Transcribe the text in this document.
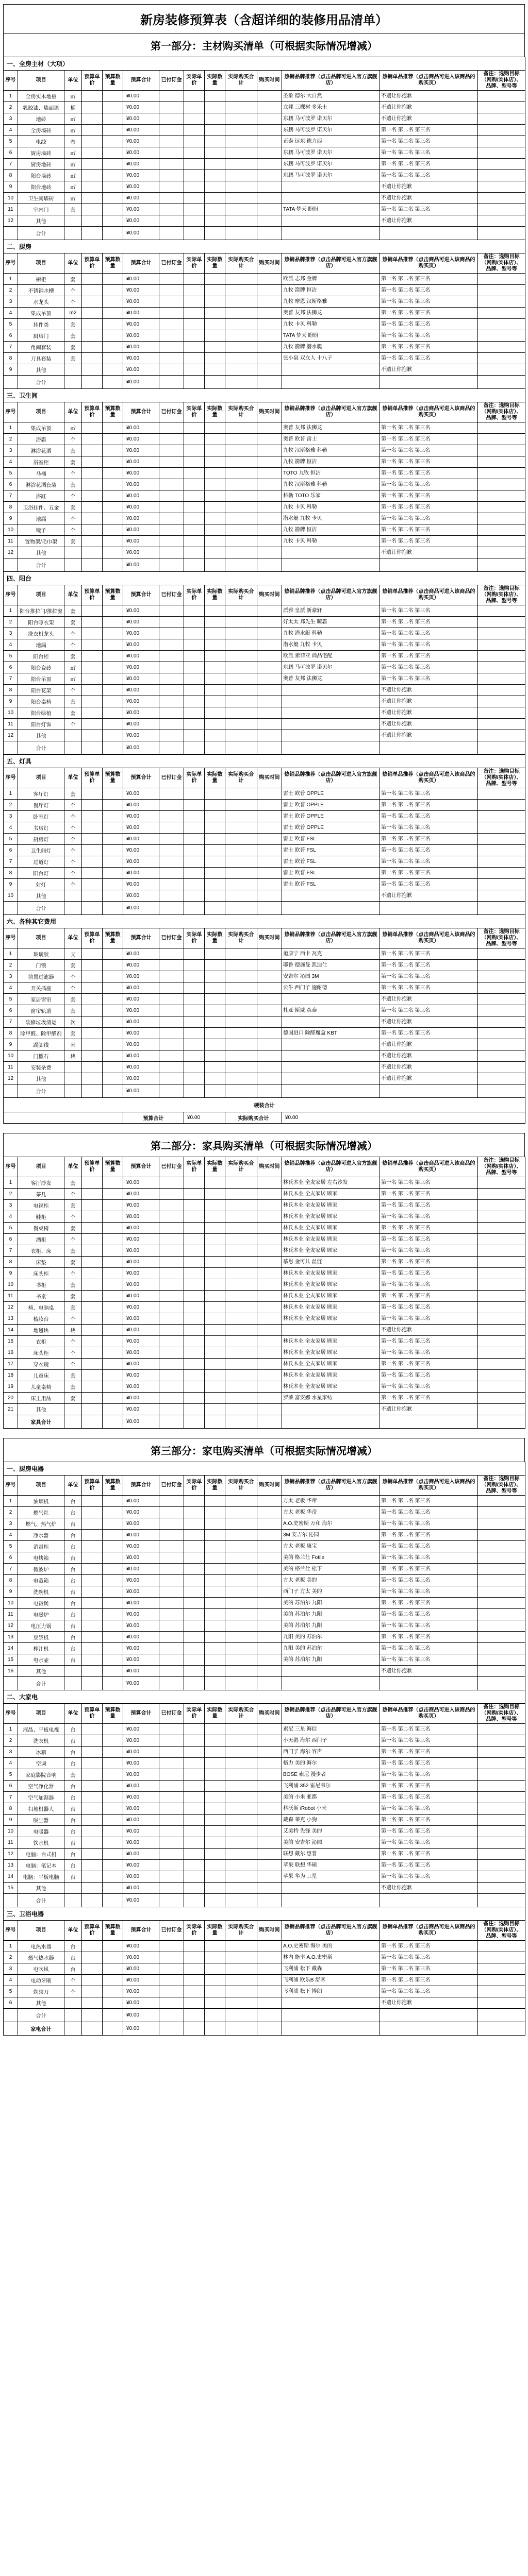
新房装修预算表（含超详细的装修用品清单）
第一部分：主材购买清单（可根据实际情况增减）
一、全房主材（大项）													
序号	项目	单位	预算单价	预算数量	预算合计	已付订金	实际单价	实际数量	实际购买合计	购买时间	热销品牌推荐（点击品牌可进入官方旗舰店）	热销单品推荐（点击商品可进入该商品的购买页）	备注：选购目标（网购/实体店）、品牌、型号等
1	全房实木地板	㎡			¥0.00						圣象 德尔 大自然	不遗让你抱歉	
2	乳胶漆、墙面漆	桶			¥0.00						立邦 三棵树 多乐士	不遗让你抱歉	
3	地砖	㎡			¥0.00						东鹏 马可波罗 诺贝尔	不遗让你抱歉	
4	全房墙砖	㎡			¥0.00						东鹏 马可波罗 诺贝尔	第一名 第二名 第三名	
5	电线	卷			¥0.00						正泰 远东 德力西	第一名 第二名 第三名	
6	厨房墙砖	㎡			¥0.00						东鹏 马可波罗 诺贝尔	第一名 第二名 第三名	
7	厨房地砖	㎡			¥0.00						东鹏 马可波罗 诺贝尔	第一名 第二名 第三名	
8	阳台墙砖	㎡			¥0.00						东鹏 马可波罗 诺贝尔	第一名 第二名 第三名	
9	阳台地砖	㎡			¥0.00							不遗让你抱歉	
10	卫生间墙砖	㎡			¥0.00							不遗让你抱歉	
11	室内门	套			¥0.00						TATA 梦天 盼盼	第一名 第二名 第三名	
12	其他				¥0.00							不遗让你抱歉	
	合计				¥0.00								
二、厨房													
序号	项目	单位	预算单价	预算数量	预算合计	已付订金	实际单价	实际数量	实际购买合计	购买时间	热销品牌推荐（点击品牌可进入官方旗舰店）	热销单品推荐（点击商品可进入该商品的购买页）	备注：选购目标（网购/实体店）、品牌、型号等
1	橱柜	套			¥0.00						欧派 志邦 金牌	第一名 第二名 第三名	
2	不锈钢水槽	个			¥0.00						九牧 箭牌 恒洁	第一名 第二名 第三名	
3	水龙头	个			¥0.00						九牧 摩恩 汉斯格雅	第一名 第二名 第三名	
4	集成吊顶	m2			¥0.00						奥普 友邦 法狮龙	第一名 第二名 第三名	
5	挂件类	套			¥0.00						九牧 卡贝 科勒	第一名 第二名 第三名	
6	厨房门	套			¥0.00						TATA 梦天 盼盼	第一名 第二名 第三名	
7	角阀套装	套			¥0.00						九牧 箭牌 潜水艇	第一名 第二名 第三名	
8	刀具套装	套			¥0.00						张小泉 双立人 十八子	第一名 第二名 第三名	
9	其他				¥0.00							不遗让你抱歉	
	合计				¥0.00								
三、卫生间													
序号	项目	单位	预算单价	预算数量	预算合计	已付订金	实际单价	实际数量	实际购买合计	购买时间	热销品牌推荐（点击品牌可进入官方旗舰店）	热销单品推荐（点击商品可进入该商品的购买页）	备注：选购目标（网购/实体店）、品牌、型号等
1	集成吊顶	㎡			¥0.00						奥普 友邦 法狮龙	第一名 第二名 第三名	
2	浴霸	个			¥0.00						奥普 欧普 雷士	第一名 第二名 第三名	
3	淋浴花洒	套			¥0.00						九牧 汉斯格雅 科勒	第一名 第二名 第三名	
4	浴室柜	套			¥0.00						九牧 箭牌 恒洁	第一名 第二名 第三名	
5	马桶	个			¥0.00						TOTO 九牧 恒洁	第一名 第二名 第三名	
6	淋浴花洒套装	套			¥0.00						九牧 汉斯格雅 科勒	第一名 第二名 第三名	
7	浴缸	个			¥0.00						科勒 TOTO 乐家	第一名 第二名 第三名	
8	卫浴挂件、五金	套			¥0.00						九牧 卡贝 科勒	第一名 第二名 第三名	
9	地漏	个			¥0.00						潜水艇 九牧 卡贝	第一名 第二名 第三名	
10	镜子	个			¥0.00						九牧 箭牌 恒洁	第一名 第二名 第三名	
11	置物架/毛巾架	套			¥0.00						九牧 卡贝 科勒	第一名 第二名 第三名	
12	其他				¥0.00							不遗让你抱歉	
	合计				¥0.00								
四、阳台													
序号	项目	单位	预算单价	预算数量	预算合计	已付订金	实际单价	实际数量	实际购买合计	购买时间	热销品牌推荐（点击品牌可进入官方旗舰店）	热销单品推荐（点击商品可进入该商品的购买页）	备注：选购目标（网购/实体店）、品牌、型号等
1	阳台推拉门/推拉窗	套			¥0.00						派雅 皇派 新豪轩	第一名 第二名 第三名	
2	阳台晾衣架	套			¥0.00						好太太 邦先生 晾霸	第一名 第二名 第三名	
3	洗衣机龙头	个			¥0.00						九牧 潜水艇 科勒	第一名 第二名 第三名	
4	地漏	个			¥0.00						潜水艇 九牧 卡贝	第一名 第二名 第三名	
5	阳台柜	套			¥0.00						欧派 索菲亚 尚品宅配	第一名 第二名 第三名	
6	阳台瓷砖	㎡			¥0.00						东鹏 马可波罗 诺贝尔	第一名 第二名 第三名	
7	阳台吊顶	㎡			¥0.00						奥普 友邦 法狮龙	第一名 第二名 第三名	
8	阳台花架	个			¥0.00							不遗让你抱歉	
9	阳台桌椅	套			¥0.00							不遗让你抱歉	
10	阳台绿植	套			¥0.00							不遗让你抱歉	
11	阳台灯饰	个			¥0.00							不遗让你抱歉	
12	其他				¥0.00							不遗让你抱歉	
	合计				¥0.00								
五、灯具													
序号	项目	单位	预算单价	预算数量	预算合计	已付订金	实际单价	实际数量	实际购买合计	购买时间	热销品牌推荐（点击品牌可进入官方旗舰店）	热销单品推荐（点击商品可进入该商品的购买页）	备注：选购目标（网购/实体店）、品牌、型号等
1	客厅灯	套			¥0.00						雷士 欧普 OPPLE	第一名 第二名 第三名	
2	餐厅灯	个			¥0.00						雷士 欧普 OPPLE	第一名 第二名 第三名	
3	卧室灯	个			¥0.00						雷士 欧普 OPPLE	第一名 第二名 第三名	
4	书房灯	个			¥0.00						雷士 欧普 OPPLE	第一名 第二名 第三名	
5	厨房灯	个			¥0.00						雷士 欧普 FSL	第一名 第二名 第三名	
6	卫生间灯	个			¥0.00						雷士 欧普 FSL	第一名 第二名 第三名	
7	过道灯	个			¥0.00						雷士 欧普 FSL	第一名 第二名 第三名	
8	阳台灯	个			¥0.00						雷士 欧普 FSL	第一名 第二名 第三名	
9	射灯	个			¥0.00						雷士 欧普 FSL	第一名 第二名 第三名	
10	其他				¥0.00							不遗让你抱歉	
	合计				¥0.00								
六、各种其它费用													
序号	项目	单位	预算单价	预算数量	预算合计	已付订金	实际单价	实际数量	实际购买合计	购买时间	热销品牌推荐（点击品牌可进入官方旗舰店）	热销单品推荐（点击商品可进入该商品的购买页）	备注：选购目标（网购/实体店）、品牌、型号等
1	玻璃胶	支			¥0.00						道康宁 西卡 瓦克	第一名 第二名 第三名	
2	门锁	套			¥0.00						耶鲁 德施曼 凯迪仕	第一名 第二名 第三名	
3	前置过滤器	个			¥0.00						安吉尔 沁园 3M	第一名 第二名 第三名	
4	开关插座	个			¥0.00						公牛 西门子 施耐德	第一名 第二名 第三名	
5	家居窗帘	套			¥0.00							不遗让你抱歉	
6	窗帘轨道	套			¥0.00						杜亚 斯威 森泰	第一名 第二名 第三名	
7	装修垃圾清运	次			¥0.00							不遗让你抱歉	
8	除甲醛、除甲醛剂	套			¥0.00						德国进口 除醛魔盒 KBT	第一名 第二名 第三名	
9	踢脚线	米			¥0.00							不遗让你抱歉	
10	门槛石	块			¥0.00							不遗让你抱歉	
11	安装杂费				¥0.00							不遗让你抱歉	
12	其他				¥0.00							不遗让你抱歉	
	合计				¥0.00								
硬装合计													
					预算合计		¥0.00		实际购买合计		¥0.00		
第二部分：家具购买清单（可根据实际情况增减）
序号	项目	单位	预算单价	预算数量	预算合计	已付订金	实际单价	实际数量	实际购买合计	购买时间	热销品牌推荐（点击品牌可进入官方旗舰店）	热销单品推荐（点击商品可进入该商品的购买页）	备注：选购目标（网购/实体店）、品牌、型号等
1	客厅沙发	套			¥0.00						林氏木业 全友家居 左右沙发	第一名 第二名 第三名	
2	茶几	个			¥0.00						林氏木业 全友家居 顾家	第一名 第二名 第三名	
3	电视柜	套			¥0.00						林氏木业 全友家居 顾家	第一名 第二名 第三名	
4	鞋柜	个			¥0.00						林氏木业 全友家居 顾家	第一名 第二名 第三名	
5	餐桌椅	套			¥0.00						林氏木业 全友家居 顾家	第一名 第二名 第三名	
6	酒柜	个			¥0.00						林氏木业 全友家居 顾家	第一名 第二名 第三名	
7	衣柜、床	套			¥0.00						林氏木业 全友家居 顾家	第一名 第二名 第三名	
8	床垫	套			¥0.00						慕思 金可儿 丝涟	第一名 第二名 第三名	
9	床头柜	个			¥0.00						林氏木业 全友家居 顾家	第一名 第二名 第三名	
10	书柜	套			¥0.00						林氏木业 全友家居 顾家	第一名 第二名 第三名	
11	书桌	套			¥0.00						林氏木业 全友家居 顾家	第一名 第二名 第三名	
12	椅、电脑桌	套			¥0.00						林氏木业 全友家居 顾家	第一名 第二名 第三名	
13	梳妆台	个			¥0.00						林氏木业 全友家居 顾家	第一名 第二名 第三名	
14	地毯块	块			¥0.00							不遗让你抱歉	
15	衣柜	个			¥0.00						林氏木业 全友家居 顾家	第一名 第二名 第三名	
16	床头柜	个			¥0.00						林氏木业 全友家居 顾家	第一名 第二名 第三名	
17	穿衣镜	个			¥0.00						林氏木业 全友家居 顾家	第一名 第二名 第三名	
18	儿童床	套			¥0.00						林氏木业 全友家居 顾家	第一名 第二名 第三名	
19	儿童桌椅	套			¥0.00						林氏木业 全友家居 顾家	第一名 第二名 第三名	
20	床上用品	套			¥0.00						罗莱 富安娜 水星家纺	第一名 第二名 第三名	
21	其他				¥0.00							不遗让你抱歉	
	家具合计				¥0.00								
第三部分：家电购买清单（可根据实际情况增减）
一、厨房电器													
序号	项目	单位	预算单价	预算数量	预算合计	已付订金	实际单价	实际数量	实际购买合计	购买时间	热销品牌推荐（点击品牌可进入官方旗舰店）	热销单品推荐（点击商品可进入该商品的购买页）	备注：选购目标（网购/实体店）、品牌、型号等
1	油烟机	台			¥0.00						方太 老板 华帝	第一名 第二名 第三名	
2	燃气灶	台			¥0.00						方太 老板 华帝	第一名 第二名 第三名	
3	燃气、热气炉	台			¥0.00						A.O.史密斯 万和 海尔	第一名 第二名 第三名	
4	净水器	台			¥0.00						3M 安吉尔 沁园	第一名 第二名 第三名	
5	消毒柜	台			¥0.00						方太 老板 康宝	第一名 第二名 第三名	
6	电烤箱	台			¥0.00						美的 格兰仕 Fotile	第一名 第二名 第三名	
7	微波炉	台			¥0.00						美的 格兰仕 松下	第一名 第二名 第三名	
8	电蒸箱	台			¥0.00						方太 老板 美的	第一名 第二名 第三名	
9	洗碗机	台			¥0.00						西门子 方太 美的	第一名 第二名 第三名	
10	电饭煲	台			¥0.00						美的 苏泊尔 九阳	第一名 第二名 第三名	
11	电磁炉	台			¥0.00						美的 苏泊尔 九阳	第一名 第二名 第三名	
12	电压力锅	台			¥0.00						美的 苏泊尔 九阳	第一名 第二名 第三名	
13	豆浆机	台			¥0.00						九阳 美的 苏泊尔	第一名 第二名 第三名	
14	榨汁机	台			¥0.00						九阳 美的 苏泊尔	第一名 第二名 第三名	
15	电水壶	台			¥0.00						美的 苏泊尔 九阳	第一名 第二名 第三名	
16	其他				¥0.00							不遗让你抱歉	
	合计				¥0.00								
二、大家电													
序号	项目	单位	预算单价	预算数量	预算合计	已付订金	实际单价	实际数量	实际购买合计	购买时间	热销品牌推荐（点击品牌可进入官方旗舰店）	热销单品推荐（点击商品可进入该商品的购买页）	备注：选购目标（网购/实体店）、品牌、型号等
1	液晶、平板电视	台			¥0.00						索尼 三星 海信	第一名 第二名 第三名	
2	洗衣机	台			¥0.00						小天鹅 海尔 西门子	第一名 第二名 第三名	
3	冰箱	台			¥0.00						西门子 海尔 容声	第一名 第二名 第三名	
4	空调	台			¥0.00						格力 美的 海尔	第一名 第二名 第三名	
5	家庭影院音响	套			¥0.00						BOSE 索尼 漫步者	第一名 第二名 第三名	
6	空气净化器	台			¥0.00						飞利浦 352 霍尼韦尔	第一名 第二名 第三名	
7	空气加湿器	台			¥0.00						美的 小米 亚都	第一名 第二名 第三名	
8	扫地机器人	台			¥0.00						科沃斯 iRobot 小米	第一名 第二名 第三名	
9	吸尘器	台			¥0.00						戴森 莱克 小狗	第一名 第二名 第三名	
10	电暖器	台			¥0.00						艾美特 先锋 美的	第一名 第二名 第三名	
11	饮水机	台			¥0.00						美的 安吉尔 沁园	第一名 第二名 第三名	
12	电脑：台式机	台			¥0.00						联想 戴尔 惠普	第一名 第二名 第三名	
13	电脑：笔记本	台			¥0.00						苹果 联想 华硕	第一名 第二名 第三名	
14	电脑：平板电脑	台			¥0.00						苹果 华为 三星	第一名 第二名 第三名	
15	其他				¥0.00							不遗让你抱歉	
	合计				¥0.00								
三、卫浴电器													
序号	项目	单位	预算单价	预算数量	预算合计	已付订金	实际单价	实际数量	实际购买合计	购买时间	热销品牌推荐（点击品牌可进入官方旗舰店）	热销单品推荐（点击商品可进入该商品的购买页）	备注：选购目标（网购/实体店）、品牌、型号等
1	电热水器	台			¥0.00						A.O.史密斯 海尔 美的	第一名 第二名 第三名	
2	燃气热水器	台			¥0.00						林内 能率 A.O.史密斯	第一名 第二名 第三名	
3	电吹风	台			¥0.00						飞利浦 松下 戴森	第一名 第二名 第三名	
4	电动牙刷	个			¥0.00						飞利浦 欧乐B 舒客	第一名 第二名 第三名	
5	剃须刀	个			¥0.00						飞利浦 松下 博朗	第一名 第二名 第三名	
6	其他				¥0.00							不遗让你抱歉	
	合计				¥0.00								
	家电合计				¥0.00								
